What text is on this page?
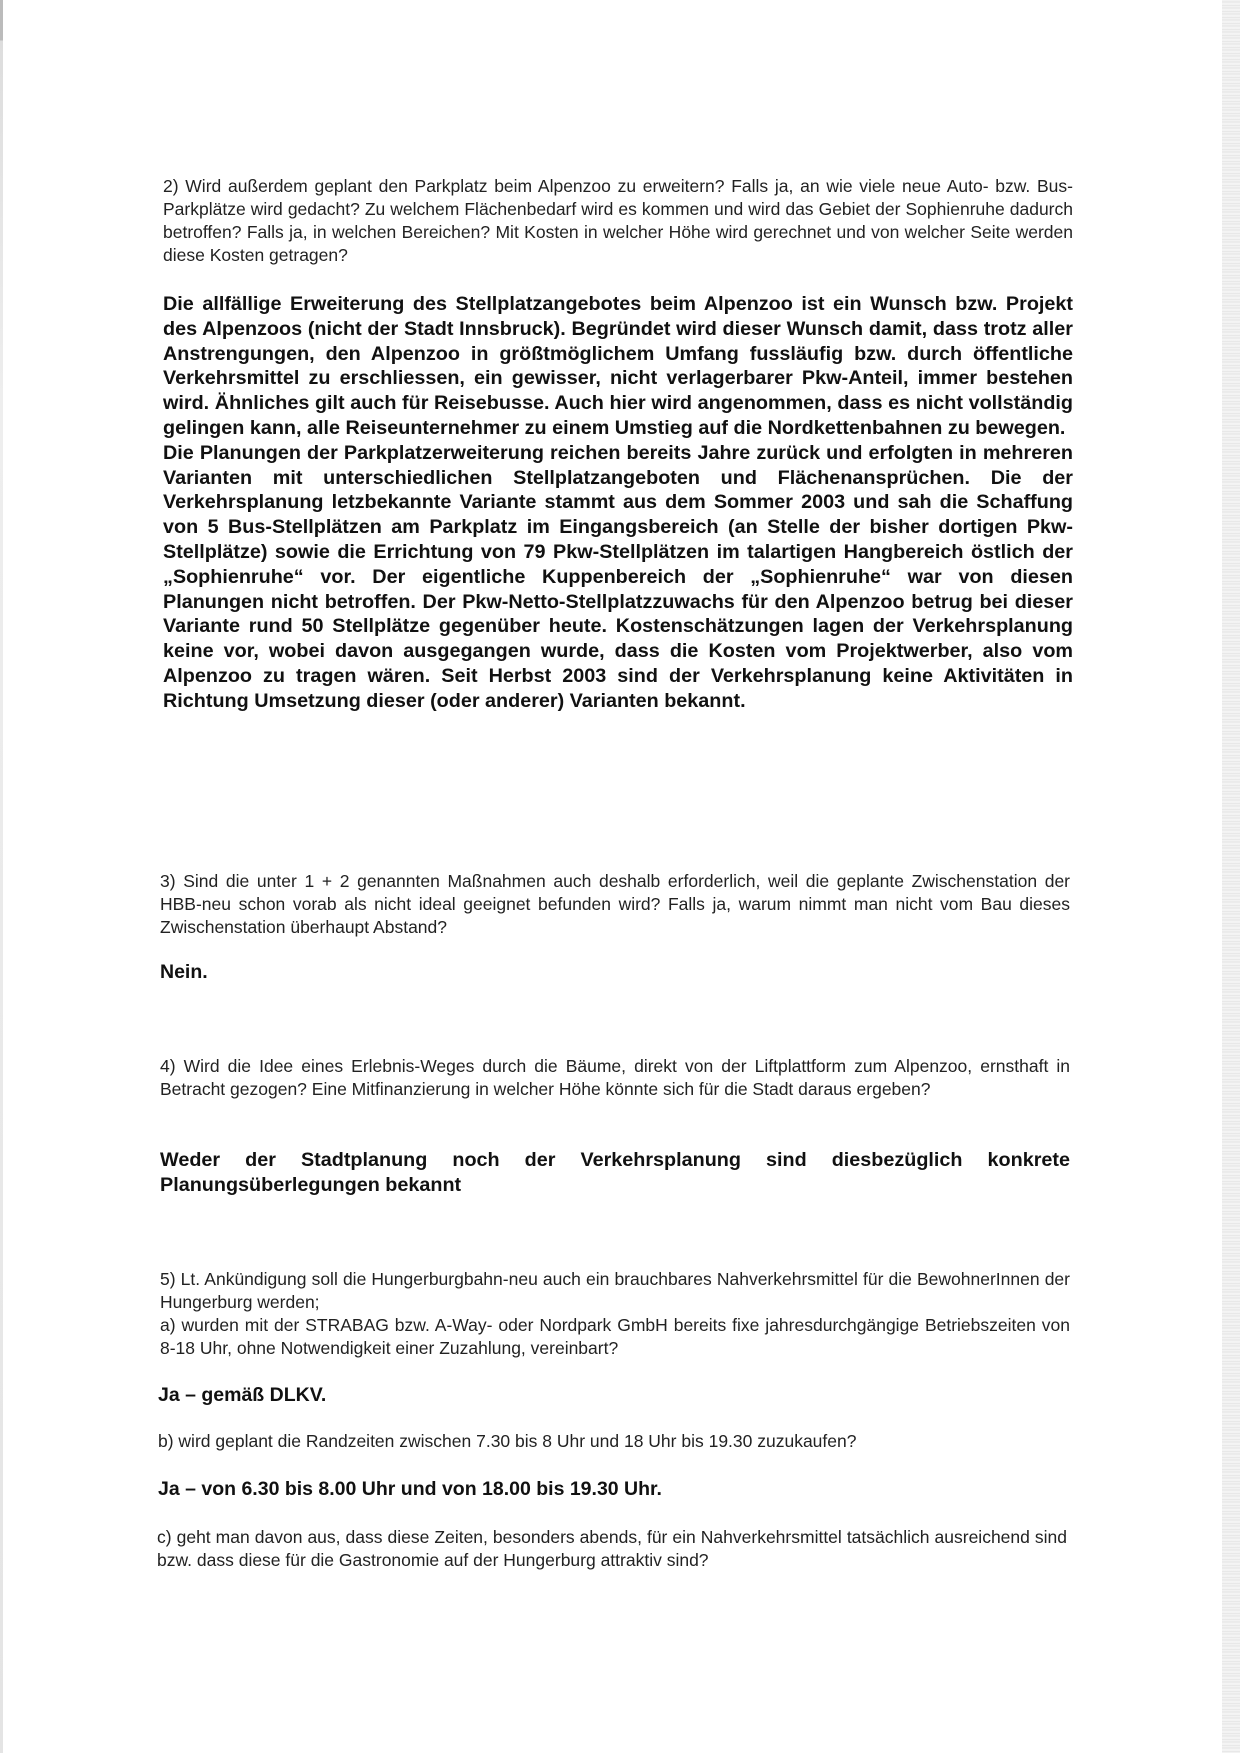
2) Wird außerdem geplant den Parkplatz beim Alpenzoo zu erweitern? Falls ja, an wie viele neue Auto- bzw. Bus-Parkplätze wird gedacht? Zu welchem Flächenbedarf wird es kommen und wird das Gebiet der Sophienruhe dadurch betroffen? Falls ja, in welchen Bereichen? Mit Kosten in welcher Höhe wird gerechnet und von welcher Seite werden diese Kosten getragen?

Die allfällige Erweiterung des Stellplatzangebotes beim Alpenzoo ist ein Wunsch bzw. Projekt des Alpenzoos (nicht der Stadt Innsbruck). Begründet wird dieser Wunsch damit, dass trotz aller Anstrengungen, den Alpenzoo in größtmöglichem Umfang fussläufig bzw. durch öffentliche Verkehrsmittel zu erschliessen, ein gewisser, nicht verlagerbarer Pkw-Anteil, immer bestehen wird. Ähnliches gilt auch für Reisebusse. Auch hier wird angenommen, dass es nicht vollständig gelingen kann, alle Reiseunternehmer zu einem Umstieg auf die Nordkettenbahnen zu bewegen.
Die Planungen der Parkplatzerweiterung reichen bereits Jahre zurück und erfolgten in mehreren Varianten mit unterschiedlichen Stellplatzangeboten und Flächenansprüchen. Die der Verkehrsplanung letzbekannte Variante stammt aus dem Sommer 2003 und sah die Schaffung von 5 Bus-Stellplätzen am Parkplatz im Eingangsbereich (an Stelle der bisher dortigen Pkw-Stellplätze) sowie die Errichtung von 79 Pkw-Stellplätzen im talartigen Hangbereich östlich der „Sophienruhe“ vor. Der eigentliche Kuppenbereich der „Sophienruhe“ war von diesen Planungen nicht betroffen. Der Pkw-Netto-Stellplatzzuwachs für den Alpenzoo betrug bei dieser Variante rund 50 Stellplätze gegenüber heute. Kostenschätzungen lagen der Verkehrsplanung keine vor, wobei davon ausgegangen wurde, dass die Kosten vom Projektwerber, also vom Alpenzoo zu tragen wären. Seit Herbst 2003 sind der Verkehrsplanung keine Aktivitäten in Richtung Umsetzung dieser (oder anderer) Varianten bekannt.

3) Sind die unter 1 + 2 genannten Maßnahmen auch deshalb erforderlich, weil die geplante Zwischenstation der HBB-neu schon vorab als nicht ideal geeignet befunden wird? Falls ja, warum nimmt man nicht vom Bau dieses Zwischenstation überhaupt Abstand?

Nein.

4) Wird die Idee eines Erlebnis-Weges durch die Bäume, direkt von der Liftplattform zum Alpenzoo, ernsthaft in Betracht gezogen? Eine Mitfinanzierung in welcher Höhe könnte sich für die Stadt daraus ergeben?

Weder der Stadtplanung noch der Verkehrsplanung sind diesbezüglich konkrete Planungsüberlegungen bekannt

5) Lt. Ankündigung soll die Hungerburgbahn-neu auch ein brauchbares Nahverkehrsmittel für die BewohnerInnen der Hungerburg werden;

a) wurden mit der STRABAG bzw. A-Way- oder Nordpark GmbH bereits fixe jahresdurchgängige Betriebszeiten von 8-18 Uhr, ohne Notwendigkeit einer Zuzahlung, vereinbart?

Ja – gemäß DLKV.

b) wird geplant die Randzeiten zwischen 7.30 bis 8 Uhr und 18 Uhr bis 19.30 zuzukaufen?

Ja – von 6.30 bis 8.00 Uhr und von 18.00 bis 19.30 Uhr.

c) geht man davon aus, dass diese Zeiten, besonders abends, für ein Nahverkehrsmittel tatsächlich ausreichend sind bzw. dass diese für die Gastronomie auf der Hungerburg attraktiv sind?
